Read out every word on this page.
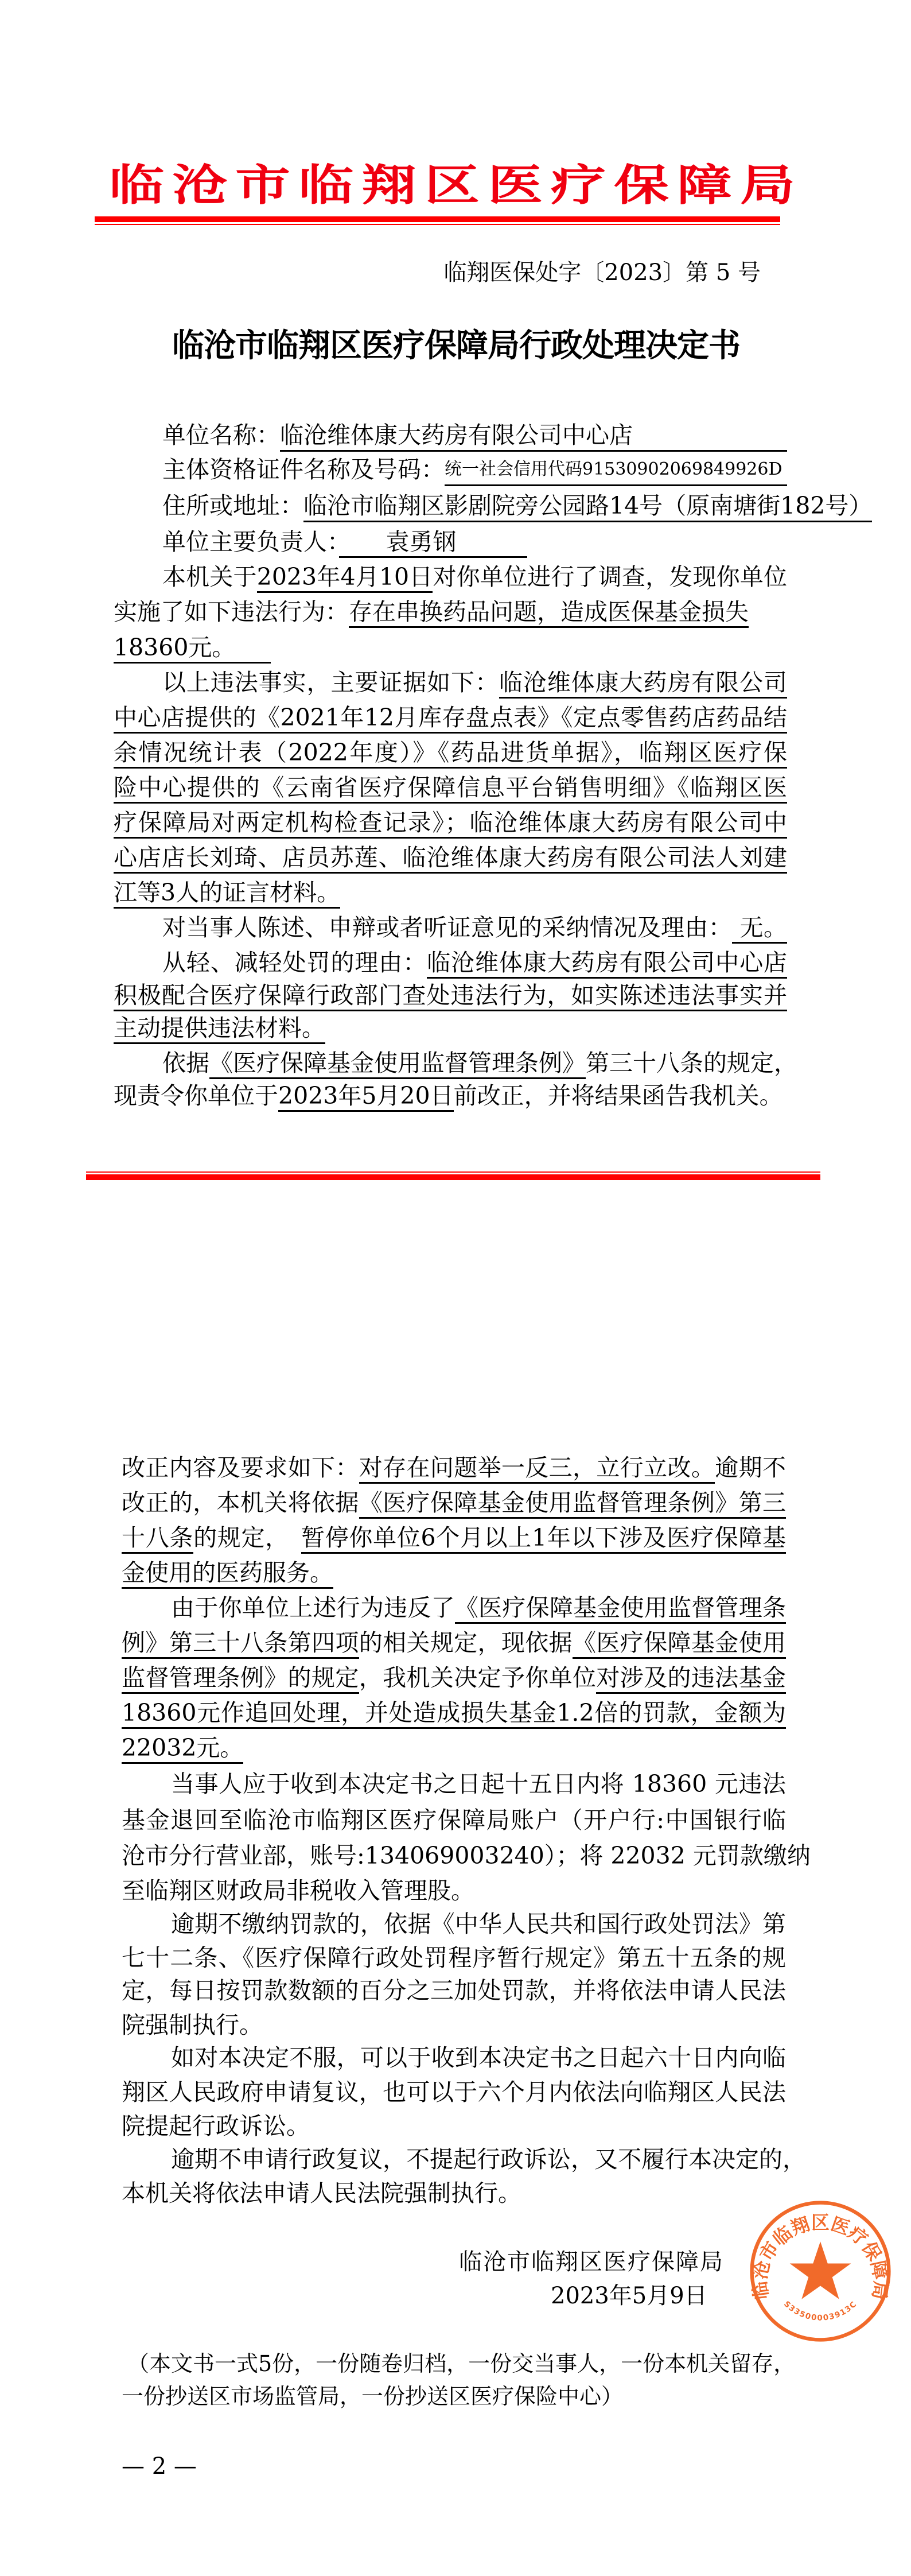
临沧市临翔区医疗保障局
临翔医保处字〔2023〕第 5 号
临沧市临翔区医疗保障局行政处理决定书
单位名称： 临沧维体康大药房有限公司中心店
主体资格证件名称及号码： 统一社会信用代码91530902069849926D
住所或地址： 临沧市临翔区影剧院旁公园路14号（原南塘街182号）
单位主要负责人：　　袁勇钢　　　
本机关于2023年4月10日对你单位进行了调查，发现你单位
实施了如下违法行为：存在串换药品问题，造成医保基金损失
18360元。　　
以上违法事实，主要证据如下：临沧维体康大药房有限公司
中心店提供的《2021年12月库存盘点表》《定点零售药店药品结
余情况统计表（2022年度）》《药品进货单据》，临翔区医疗保
险中心提供的《云南省医疗保障信息平台销售明细》《临翔区医
疗保障局对两定机构检查记录》；临沧维体康大药房有限公司中
心店店长刘琦、店员苏莲、临沧维体康大药房有限公司法人刘建
江等3人的证言材料。
对当事人陈述、申辩或者听证意见的采纳情况及理由： 无。
从轻、减轻处罚的理由：临沧维体康大药房有限公司中心店
积极配合医疗保障行政部门查处违法行为，如实陈述违法事实并
主动提供违法材料。
依据《医疗保障基金使用监督管理条例》第三十八条的规定，
现责令你单位于2023年5月20日前改正，并将结果函告我机关。
改正内容及要求如下：对存在问题举一反三，立行立改。逾期不
改正的，本机关将依据《医疗保障基金使用监督管理条例》第三
十八条的规定，　暂停你单位6个月以上1年以下涉及医疗保障基
金使用的医药服务。
由于你单位上述行为违反了《医疗保障基金使用监督管理条
例》第三十八条第四项的相关规定，现依据《医疗保障基金使用
监督管理条例》的规定，我机关决定予你单位对涉及的违法基金
18360元作追回处理，并处造成损失基金1.2倍的罚款，金额为
22032元。
当事人应于收到本决定书之日起十五日内将 18360 元违法
基金退回至临沧市临翔区医疗保障局账户（开户行:中国银行临
沧市分行营业部，账号:134069003240）；将 22032 元罚款缴纳
至临翔区财政局非税收入管理股。
逾期不缴纳罚款的，依据《中华人民共和国行政处罚法》第
七十二条、《医疗保障行政处罚程序暂行规定》第五十五条的规
定，每日按罚款数额的百分之三加处罚款，并将依法申请人民法
院强制执行。
如对本决定不服，可以于收到本决定书之日起六十日内向临
翔区人民政府申请复议，也可以于六个月内依法向临翔区人民法
院提起行政诉讼。
逾期不申请行政复议，不提起行政诉讼，又不履行本决定的，
本机关将依法申请人民法院强制执行。
临沧市临翔区医疗保障局
2023年5月9日 临沧市临翔区医疗保障局
S33500003913C
（本文书一式5份，一份随卷归档，一份交当事人，一份本机关留存，
一份抄送区市场监管局，一份抄送区医疗保险中心）
— 2 —
